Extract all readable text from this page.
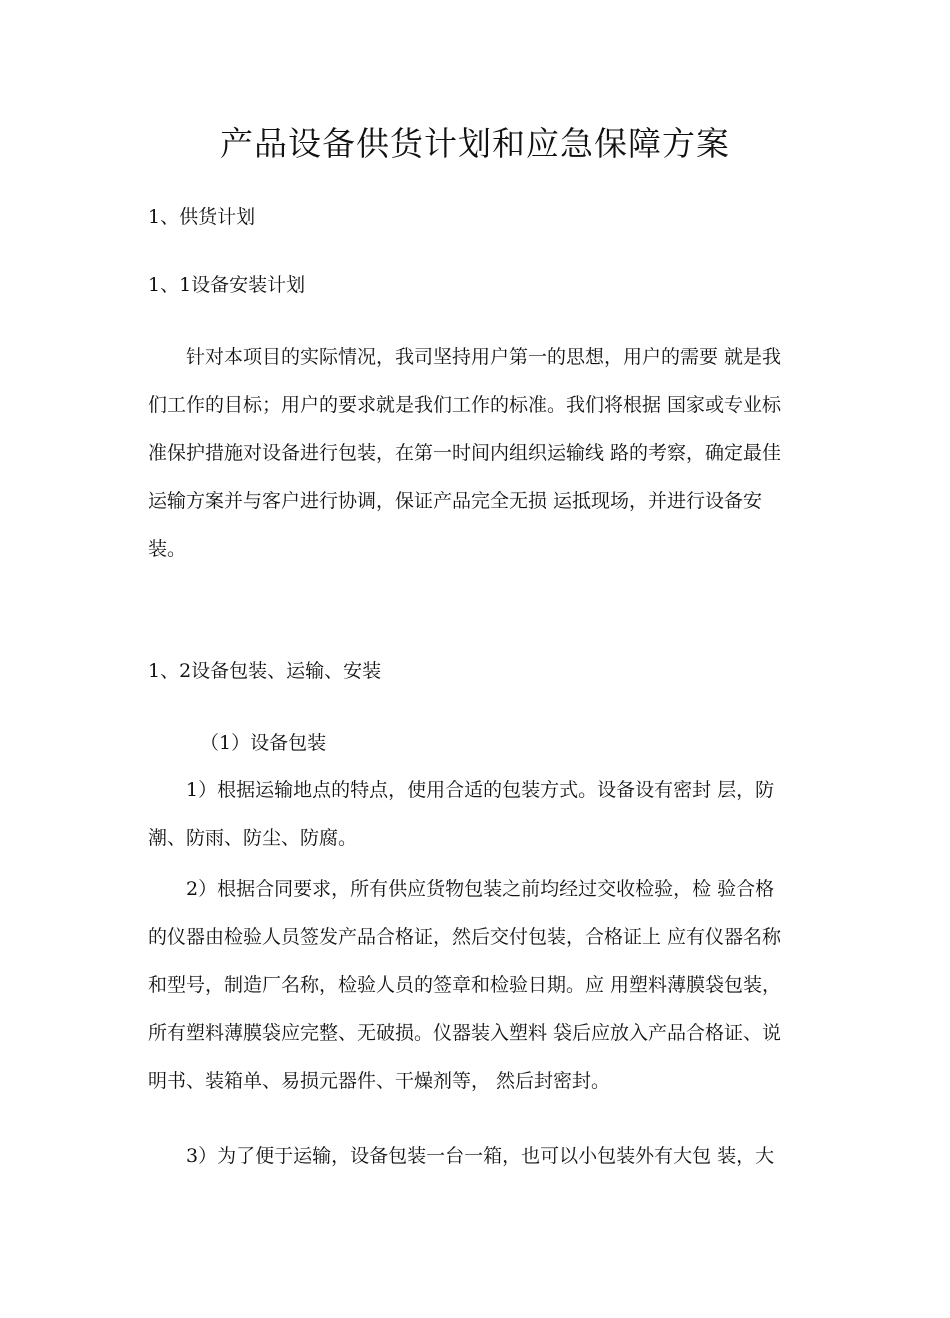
产品设备供货计划和应急保障方案
1、供货计划
1、1设备安装计划
　　针对本项目的实际情况，我司坚持用户第一的思想，用户的需要 就是我
们工作的目标；用户的要求就是我们工作的标准。我们将根据 国家或专业标
准保护措施对设备进行包装，在第一时间内组织运输线 路的考察，确定最佳
运输方案并与客户进行协调，保证产品完全无损 运抵现场，并进行设备安
装。
1、2设备包装、运输、安装
（1）设备包装
　　1）根据运输地点的特点，使用合适的包装方式。设备设有密封 层，防
潮、防雨、防尘、防腐。
　　2）根据合同要求，所有供应货物包装之前均经过交收检验，检 验合格
的仪器由检验人员签发产品合格证，然后交付包装，合格证上 应有仪器名称
和型号，制造厂名称，检验人员的签章和检验日期。应 用塑料薄膜袋包装，
所有塑料薄膜袋应完整、无破损。仪器装入塑料 袋后应放入产品合格证、说
明书、装箱单、易损元器件、干燥剂等， 然后封密封。
　　3）为了便于运输，设备包装一台一箱，也可以小包装外有大包 装，大
